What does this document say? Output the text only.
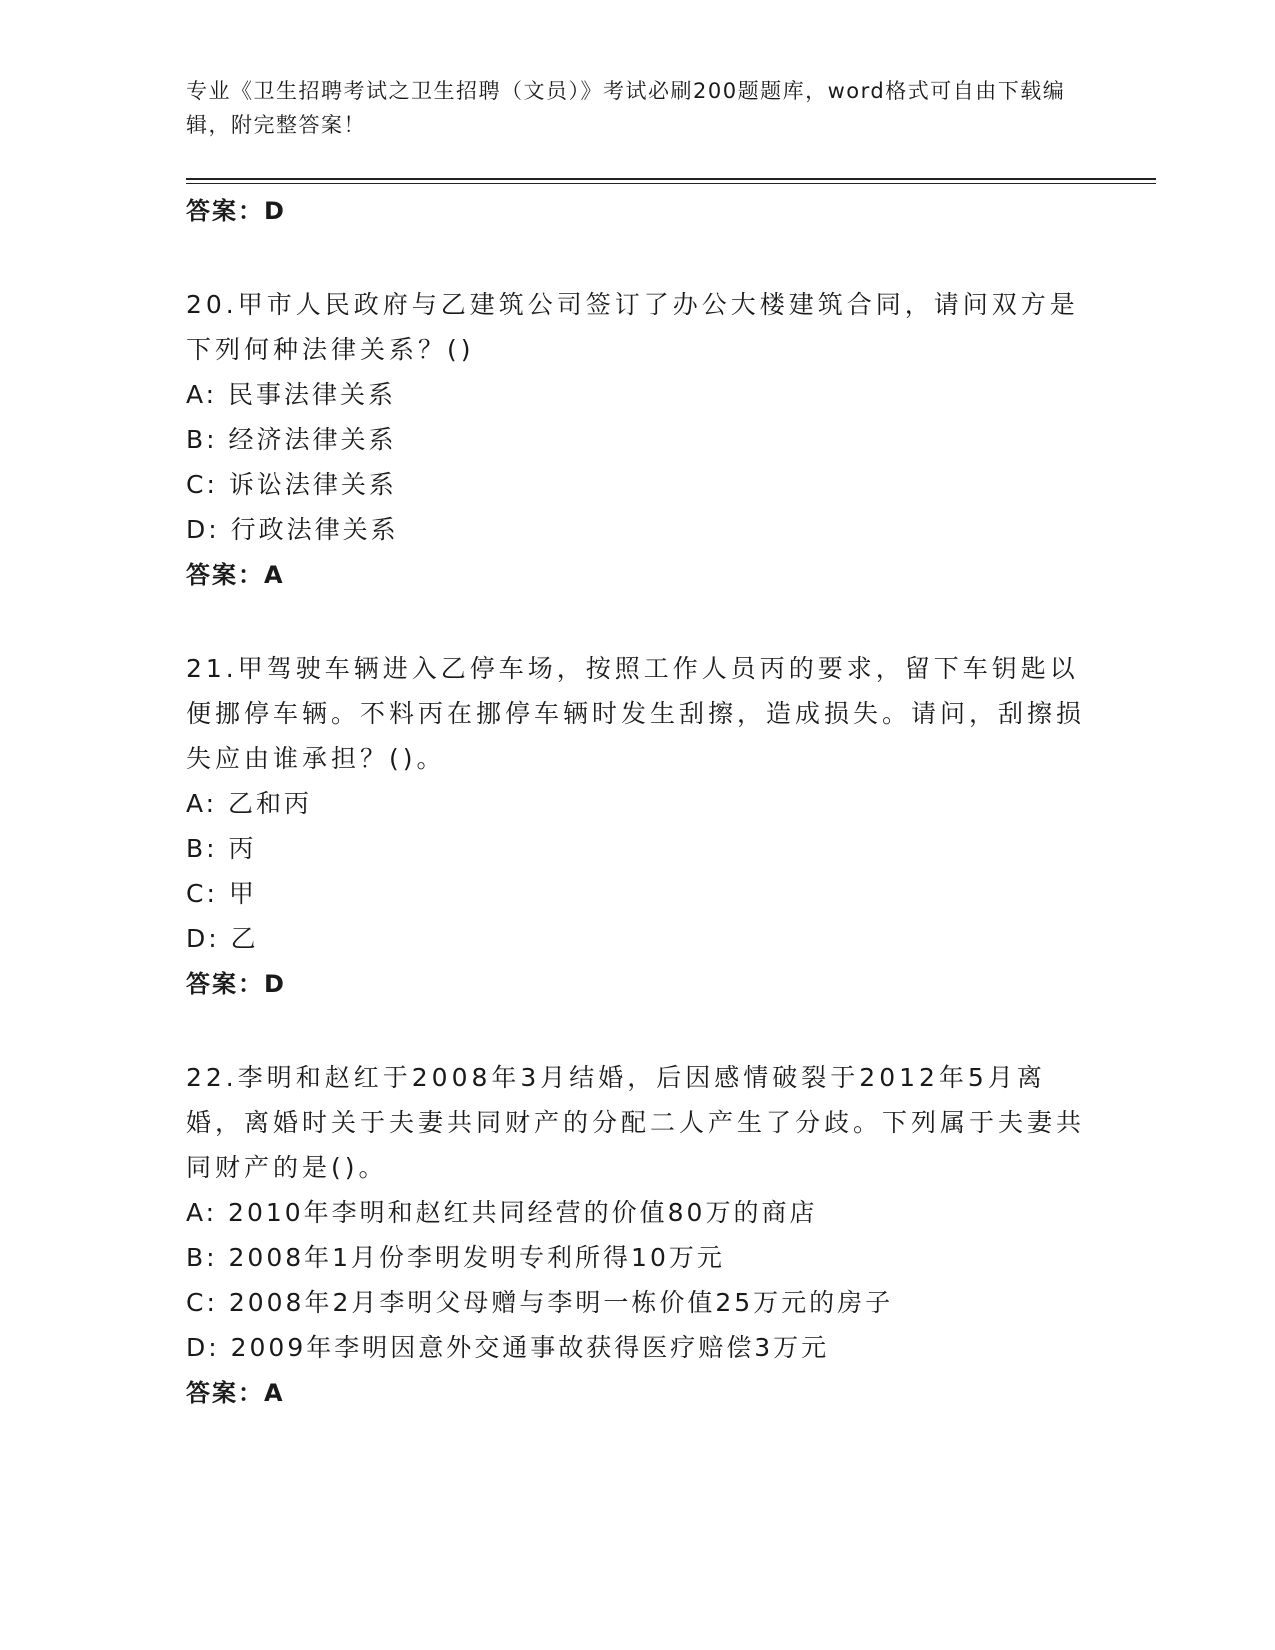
专业《卫生招聘考试之卫生招聘（文员）》考试必刷200题题库，word格式可自由下载编辑，附完整答案！
答案：D
20.甲市人民政府与乙建筑公司签订了办公大楼建筑合同，请问双方是下列何种法律关系？()
A: 民事法律关系
B: 经济法律关系
C: 诉讼法律关系
D: 行政法律关系
答案：A
21.甲驾驶车辆进入乙停车场，按照工作人员丙的要求，留下车钥匙以便挪停车辆。不料丙在挪停车辆时发生刮擦，造成损失。请问，刮擦损失应由谁承担？()。
A: 乙和丙
B: 丙
C: 甲
D: 乙
答案：D
22.李明和赵红于2008年3月结婚，后因感情破裂于2012年5月离婚，离婚时关于夫妻共同财产的分配二人产生了分歧。下列属于夫妻共同财产的是()。
A: 2010年李明和赵红共同经营的价值80万的商店
B: 2008年1月份李明发明专利所得10万元
C: 2008年2月李明父母赠与李明一栋价值25万元的房子
D: 2009年李明因意外交通事故获得医疗赔偿3万元
答案：A
